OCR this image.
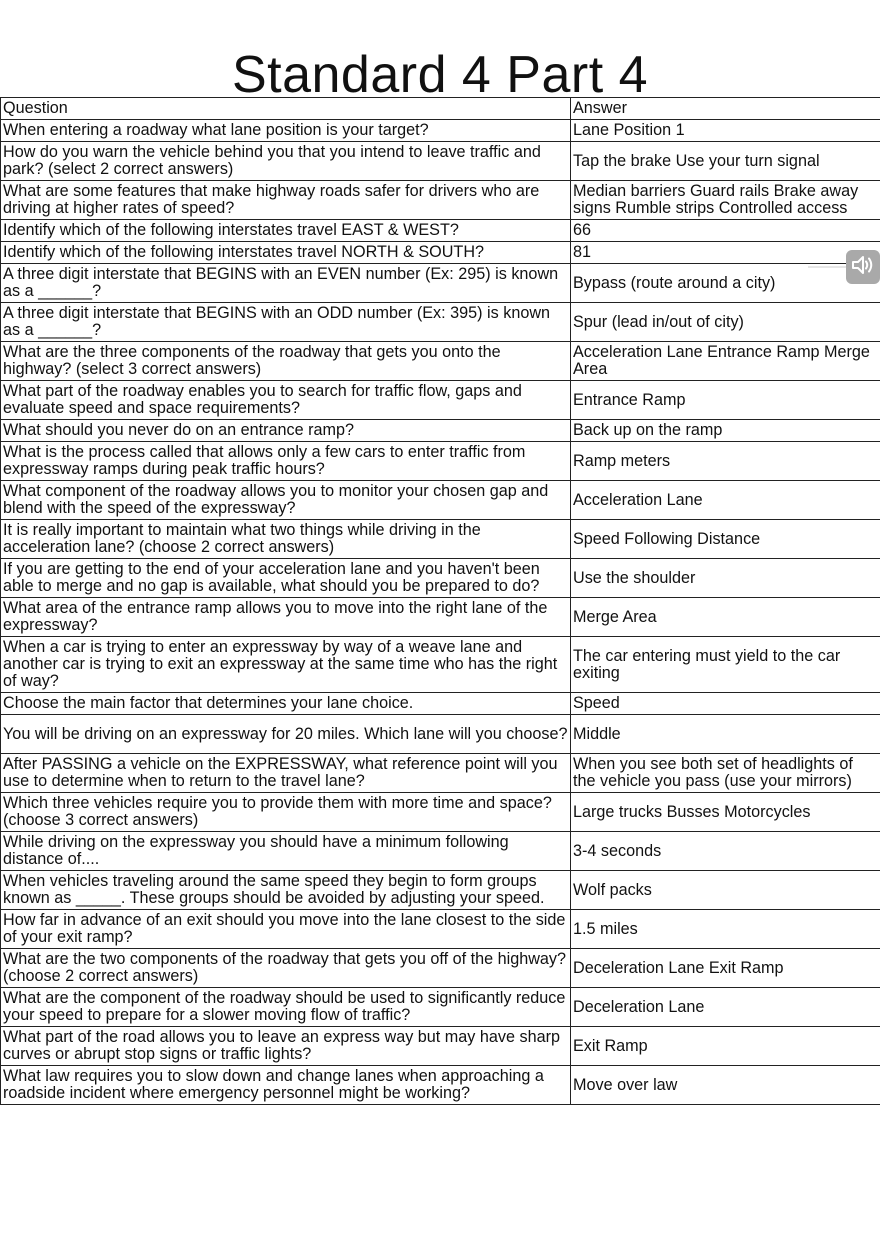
Standard 4 Part 4
Question	Answer
When entering a roadway what lane position is your target?	Lane Position 1
How do you warn the vehicle behind you that you intend to leave traffic and park? (select 2 correct answers)	Tap the brake Use your turn signal
What are some features that make highway roads safer for drivers who are driving at higher rates of speed?	Median barriers Guard rails Brake away signs Rumble strips Controlled access
Identify which of the following interstates travel EAST & WEST?	66
Identify which of the following interstates travel NORTH & SOUTH?	81
A three digit interstate that BEGINS with an EVEN number (Ex: 295) is known as a ______?	Bypass (route around a city)
A three digit interstate that BEGINS with an ODD number (Ex: 395) is known as a ______?	Spur (lead in/out of city)
What are the three components of the roadway that gets you onto the highway? (select 3 correct answers)	Acceleration Lane Entrance Ramp Merge Area
What part of the roadway enables you to search for traffic flow, gaps and evaluate speed and space requirements?	Entrance Ramp
What should you never do on an entrance ramp?	Back up on the ramp
What is the process called that allows only a few cars to enter traffic from expressway ramps during peak traffic hours?	Ramp meters
What component of the roadway allows you to monitor your chosen gap and blend with the speed of the expressway?	Acceleration Lane
It is really important to maintain what two things while driving in the acceleration lane? (choose 2 correct answers)	Speed Following Distance
If you are getting to the end of your acceleration lane and you haven't been able to merge and no gap is available, what should you be prepared to do?	Use the shoulder
What area of the entrance ramp allows you to move into the right lane of the expressway?	Merge Area
When a car is trying to enter an expressway by way of a weave lane and another car is trying to exit an expressway at the same time who has the right of way?	The car entering must yield to the car exiting
Choose the main factor that determines your lane choice.	Speed
You will be driving on an expressway for 20 miles. Which lane will you choose?	Middle
After PASSING a vehicle on the EXPRESSWAY, what reference point will you use to determine when to return to the travel lane?	When you see both set of headlights of the vehicle you pass (use your mirrors)
Which three vehicles require you to provide them with more time and space? (choose 3 correct answers)	Large trucks Busses Motorcycles
While driving on the expressway you should have a minimum following distance of....	3-4 seconds
When vehicles traveling around the same speed they begin to form groups known as _____. These groups should be avoided by adjusting your speed.	Wolf packs
How far in advance of an exit should you move into the lane closest to the side of your exit ramp?	1.5 miles
What are the two components of the roadway that gets you off of the highway? (choose 2 correct answers)	Deceleration Lane Exit Ramp
What are the component of the roadway should be used to significantly reduce your speed to prepare for a slower moving flow of traffic?	Deceleration Lane
What part of the road allows you to leave an express way but may have sharp curves or abrupt stop signs or traffic lights?	Exit Ramp
What law requires you to slow down and change lanes when approaching a roadside incident where emergency personnel might be working?	Move over law
